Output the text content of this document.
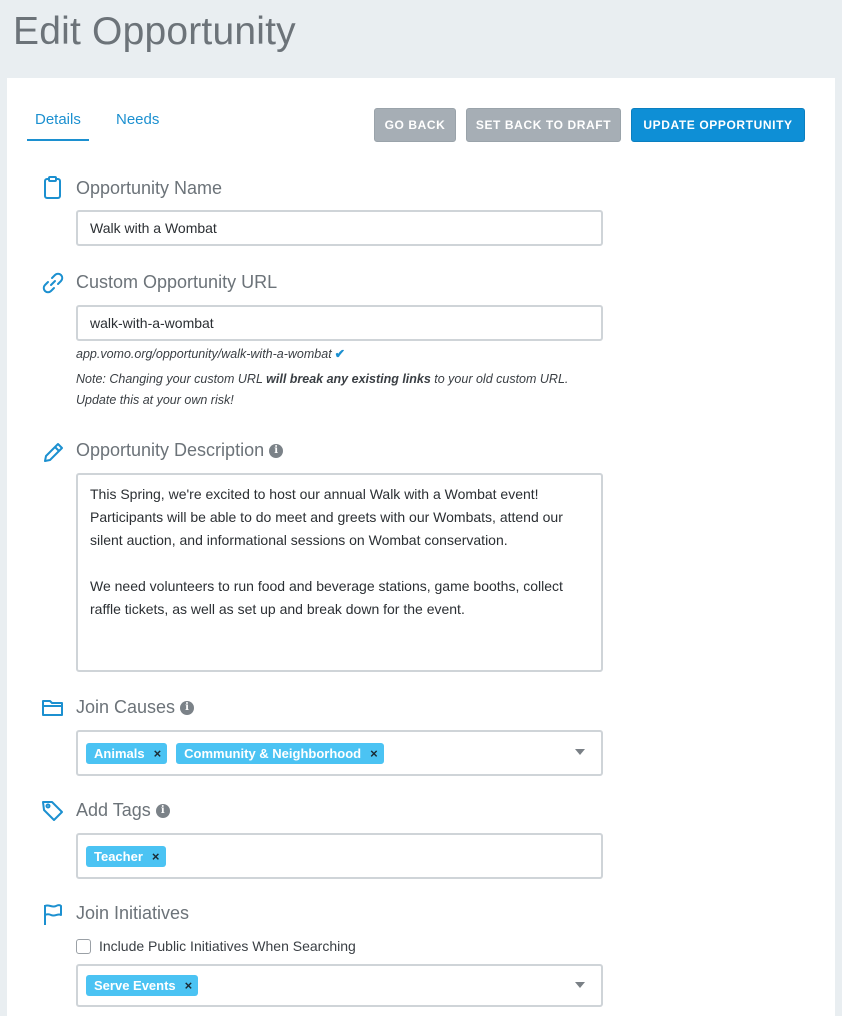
Edit Opportunity
Details Needs	GO BACK	SET BACK TO DRAFT	UPDATE OPPORTUNITY
Opportunity Name
Walk with a Wombat
Custom Opportunity URL
walk-with-a-wombat
app.vomo.org/opportunity/walk-with-a-wombat ✔
Note: Changing your custom URL will break any existing links to your old custom URL. Update this at your own risk!
Opportunity Description	i

This Spring, we're excited to host our annual Walk with a Wombat event! Participants will be able to do meet and greets with our Wombats, attend our silent auction, and informational sessions on Wombat conservation.

We need volunteers to run food and beverage stations, game booths, collect raffle tickets, as well as set up and break down for the event.

Join Causes	i
Animals × Community & Neighborhood ×
Add Tags	i
Teacher ×
Join Initiatives
Include Public Initiatives When Searching
Serve Events ×
